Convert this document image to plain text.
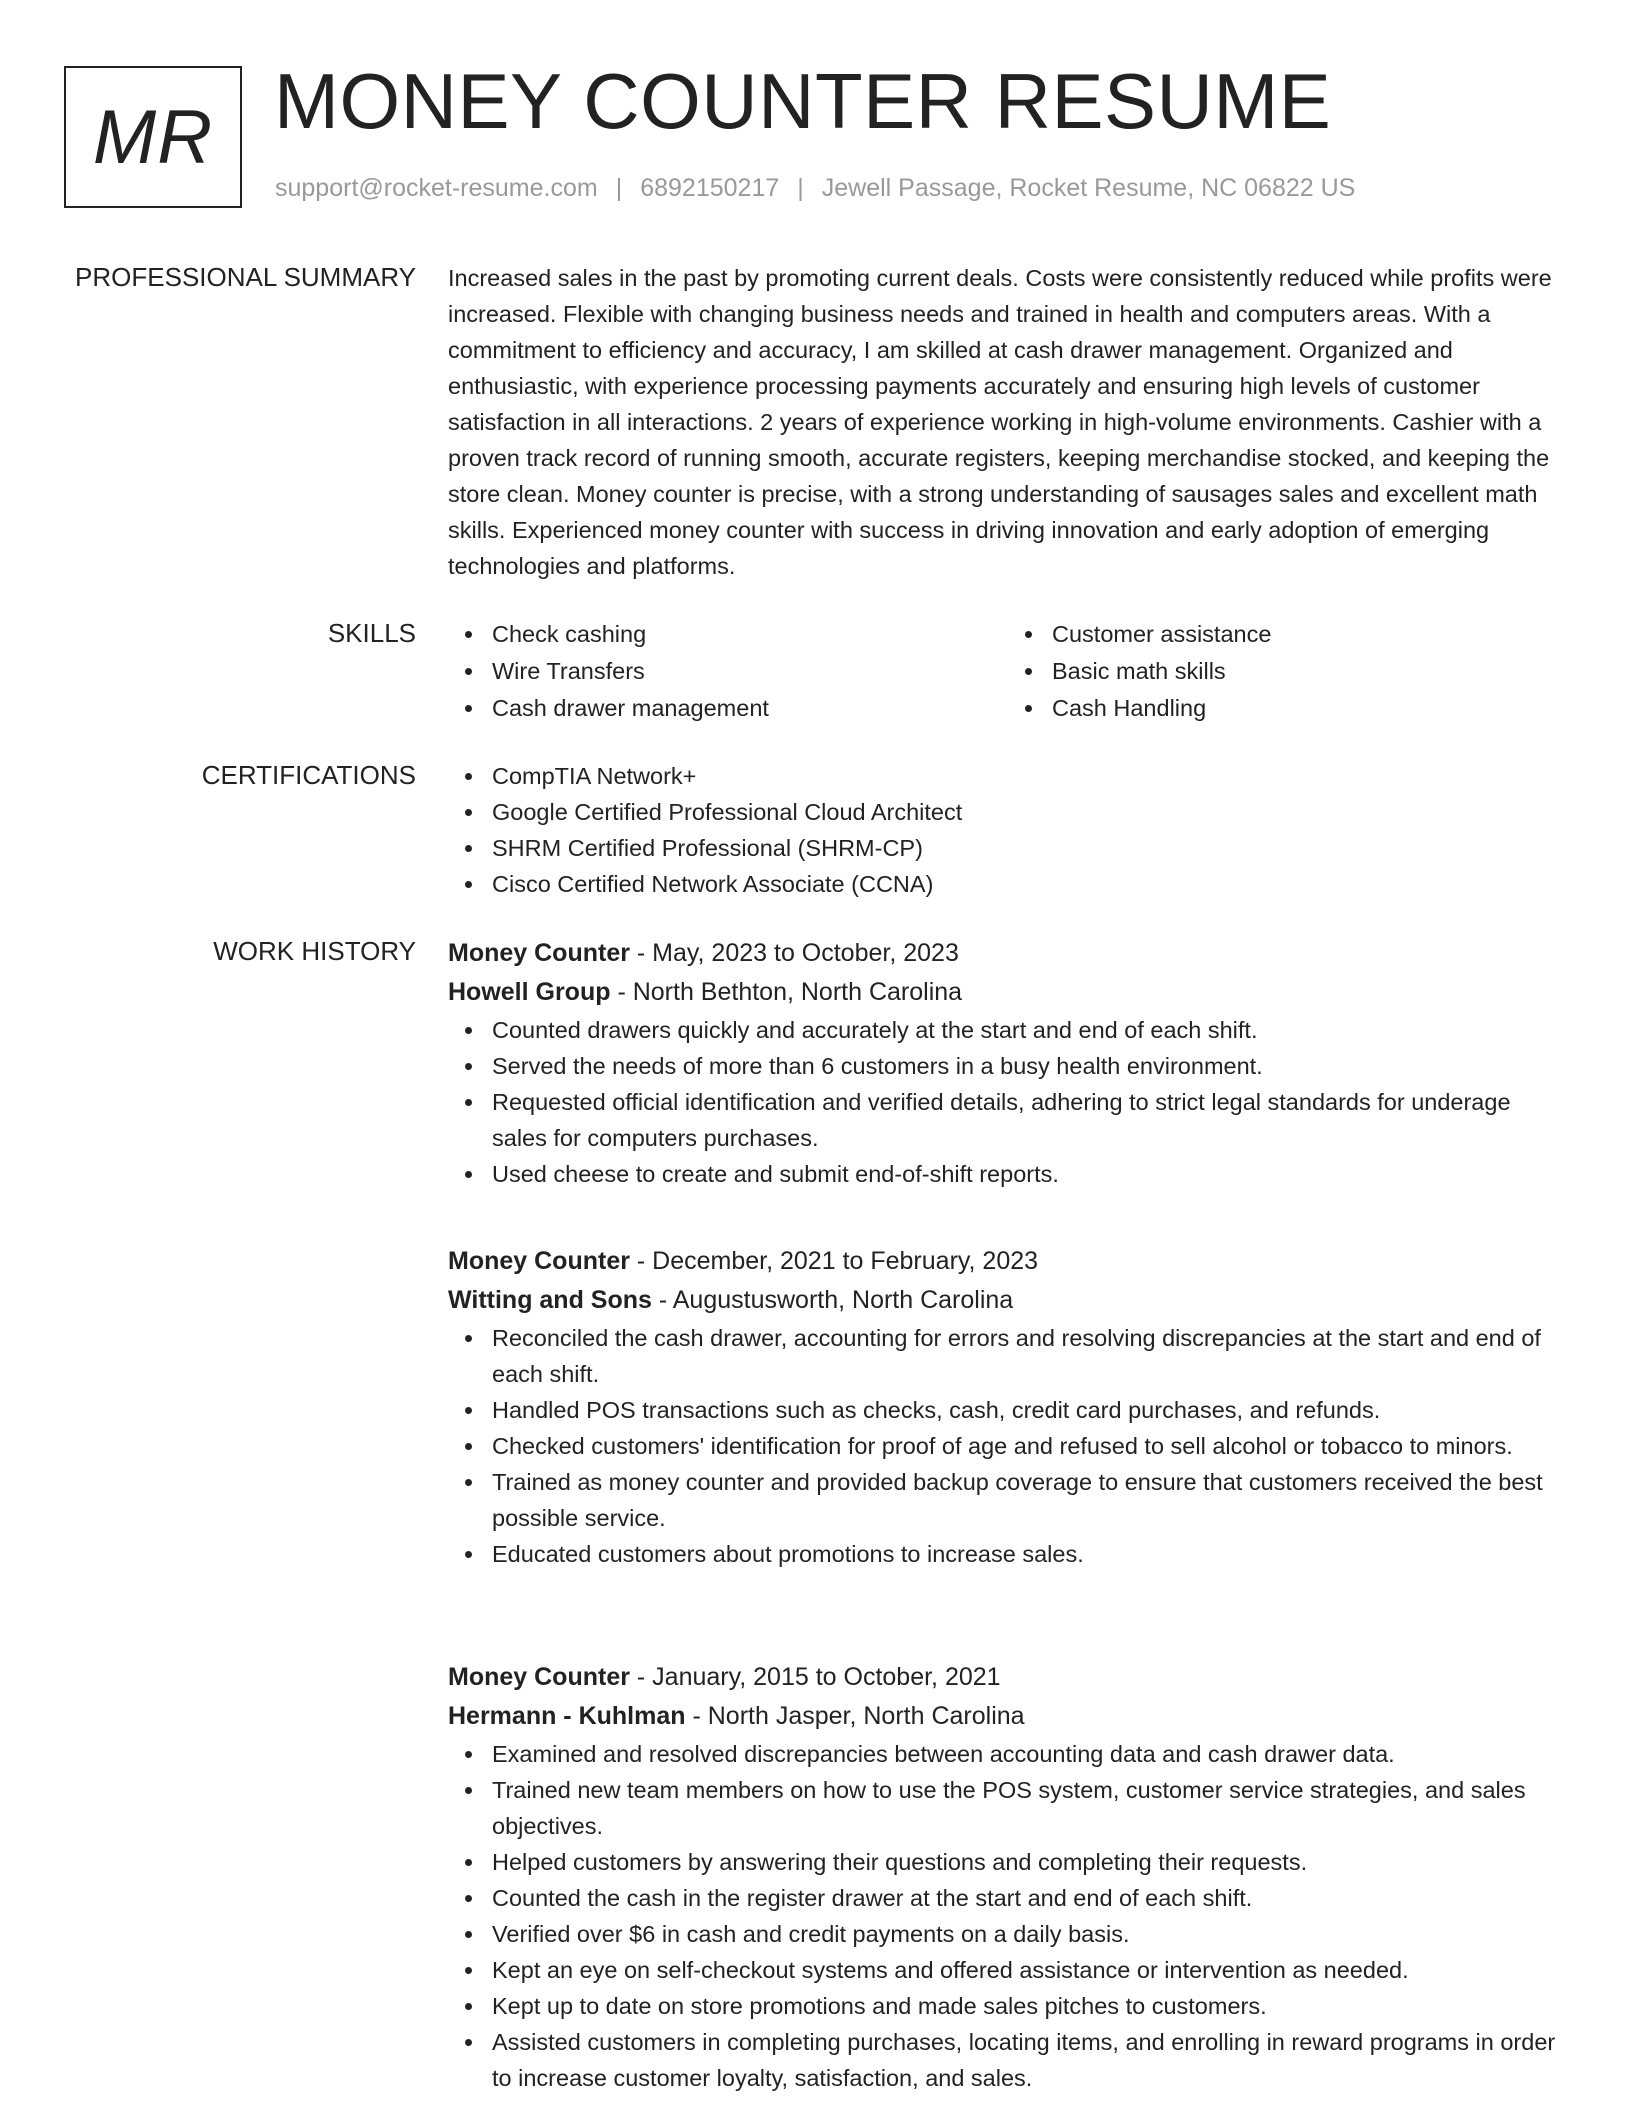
MR MONEY COUNTER RESUME
support@rocket-resume.com | 6892150217 | Jewell Passage, Rocket Resume, NC 06822 US
PROFESSIONAL SUMMARY Increased sales in the past by promoting current deals. Costs were consistently reduced while profits were increased. Flexible with changing business needs and trained in health and computers areas. With a commitment to efficiency and accuracy, I am skilled at cash drawer management. Organized and enthusiastic, with experience processing payments accurately and ensuring high levels of customer satisfaction in all interactions. 2 years of experience working in high-volume environments. Cashier with a proven track record of running smooth, accurate registers, keeping merchandise stocked, and keeping the store clean. Money counter is precise, with a strong understanding of sausages sales and excellent math skills. Experienced money counter with success in driving innovation and early adoption of emerging technologies and platforms.

SKILLS	Check cashing
Wire Transfers
Cash drawer management
Customer assistance
Basic math skills
Cash Handling
CERTIFICATIONS	CompTIA Network+
Google Certified Professional Cloud Architect
SHRM Certified Professional (SHRM-CP)
Cisco Certified Network Associate (CCNA)
WORK HISTORY Money Counter - May, 2023 to October, 2023
Howell Group - North Bethton, North Carolina
Counted drawers quickly and accurately at the start and end of each shift.
Served the needs of more than 6 customers in a busy health environment.
Requested official identification and verified details, adhering to strict legal standards for underage sales for computers purchases.
Used cheese to create and submit end-of-shift reports.
Money Counter - December, 2021 to February, 2023
Witting and Sons - Augustusworth, North Carolina
Reconciled the cash drawer, accounting for errors and resolving discrepancies at the start and end of each shift.
Handled POS transactions such as checks, cash, credit card purchases, and refunds.
Checked customers' identification for proof of age and refused to sell alcohol or tobacco to minors.
Trained as money counter and provided backup coverage to ensure that customers received the best possible service.
Educated customers about promotions to increase sales.
Money Counter - January, 2015 to October, 2021
Hermann - Kuhlman - North Jasper, North Carolina
Examined and resolved discrepancies between accounting data and cash drawer data.
Trained new team members on how to use the POS system, customer service strategies, and sales objectives.
Helped customers by answering their questions and completing their requests.
Counted the cash in the register drawer at the start and end of each shift.
Verified over $6 in cash and credit payments on a daily basis.
Kept an eye on self-checkout systems and offered assistance or intervention as needed.
Kept up to date on store promotions and made sales pitches to customers.
Assisted customers in completing purchases, locating items, and enrolling in reward programs in order to increase customer loyalty, satisfaction, and sales.
